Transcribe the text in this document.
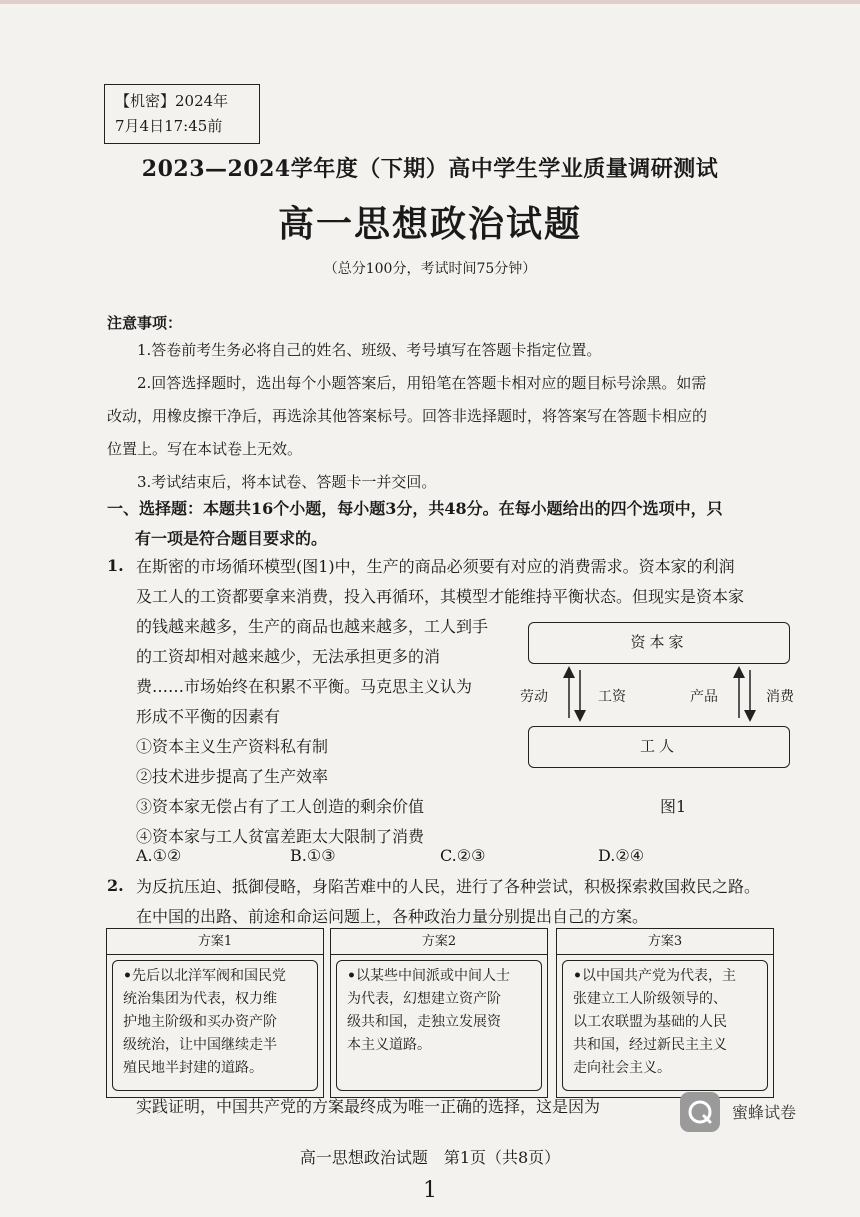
【机密】2024年
7月4日17:45前
2023—2024学年度（下期）高中学生学业质量调研测试
高一思想政治试题
（总分100分，考试时间75分钟）
注意事项：

1.答卷前考生务必将自己的姓名、班级、考号填写在答题卡指定位置。

2.回答选择题时，选出每个小题答案后，用铅笔在答题卡相对应的题目标号涂黑。如需

改动，用橡皮擦干净后，再选涂其他答案标号。回答非选择题时，将答案写在答题卡相应的

位置上。写在本试卷上无效。

3.考试结束后，将本试卷、答题卡一并交回。

一、选择题：本题共16个小题，每小题3分，共48分。在每小题给出的四个选项中，只
有一项是符合题目要求的。
1. 在斯密的市场循环模型(图1)中，生产的商品必须要有对应的消费需求。资本家的利润
及工人的工资都要拿来消费，投入再循环，其模型才能维持平衡状态。但现实是资本家
的钱越来越多，生产的商品也越来越多，工人到手
的工资却相对越来越少，无法承担更多的消
费……市场始终在积累不平衡。马克思主义认为
形成不平衡的因素有
①资本主义生产资料私有制
②技术进步提高了生产效率
③资本家无偿占有了工人创造的剩余价值
④资本家与工人贫富差距太大限制了消费
A.①②	B.①③	C.②③	D.②④
资本家
工人
劳动	工资	产品	消费
图1
2. 为反抗压迫、抵御侵略，身陷苦难中的人民，进行了各种尝试，积极探索救国救民之路。
在中国的出路、前途和命运问题上，各种政治力量分别提出自己的方案。
方案1
•先后以北洋军阀和国民党
统治集团为代表，权力维
护地主阶级和买办资产阶
级统治，让中国继续走半
殖民地半封建的道路。
方案2
•以某些中间派或中间人士
为代表，幻想建立资产阶
级共和国，走独立发展资
本主义道路。
方案3
•以中国共产党为代表，主
张建立工人阶级领导的、
以工农联盟为基础的人民
共和国，经过新民主主义
走向社会主义。
实践证明，中国共产党的方案最终成为唯一正确的选择，这是因为	蜜蜂试卷
高一思想政治试题　第1页（共8页）
1
